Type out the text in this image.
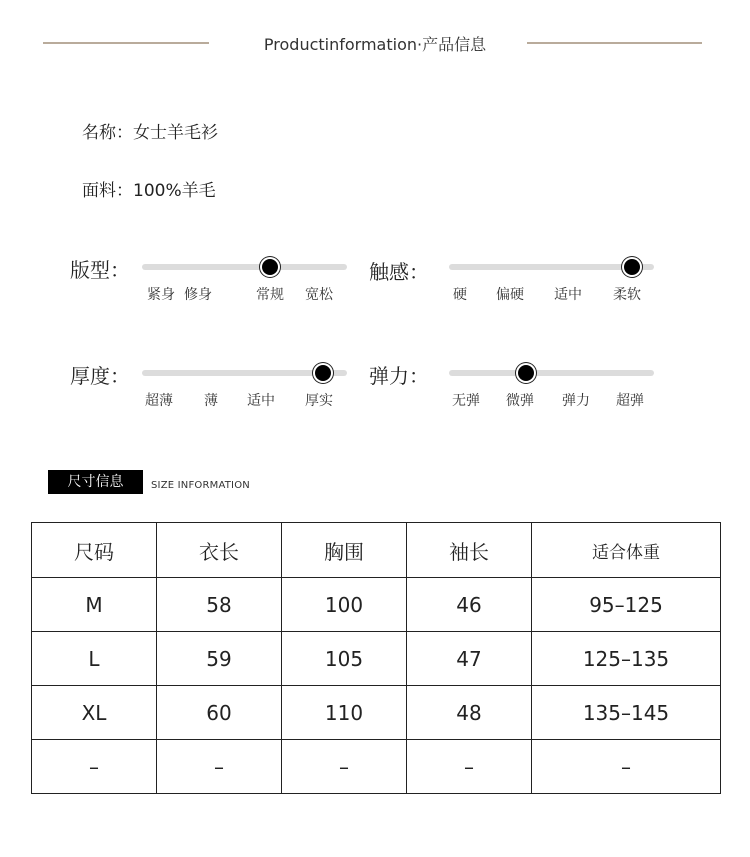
Productinformation·产品信息
名称：女士羊毛衫
面料：100%羊毛
版型：
紧身 修身	常规 宽松
触感：
硬 偏硬 适中 柔软
厚度：
超薄 薄 适中 厚实
弹力：
无弹 微弹 弹力 超弹
尺寸信息	SIZE INFORMATION
尺码	衣长	胸围	袖长	适合体重
M	58	100	46	95–125
L	59	105	47	125–135
XL	60	110	48	135–145
–	–	–	–	–
